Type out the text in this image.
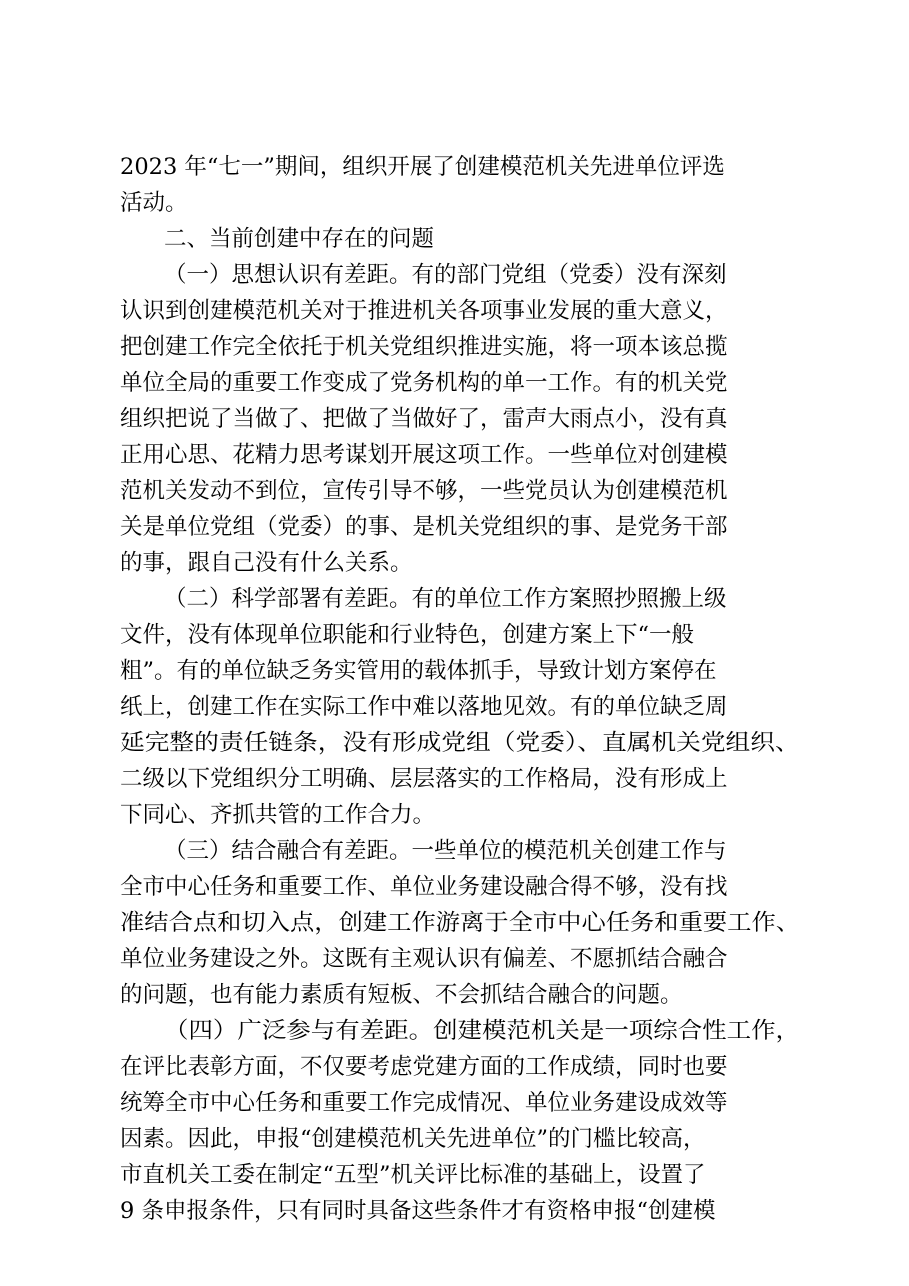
2023 年“七一”期间，组织开展了创建模范机关先进单位评选
活动。
二、当前创建中存在的问题
（一）思想认识有差距。有的部门党组（党委）没有深刻
认识到创建模范机关对于推进机关各项事业发展的重大意义，
把创建工作完全依托于机关党组织推进实施，将一项本该总揽
单位全局的重要工作变成了党务机构的单一工作。有的机关党
组织把说了当做了、把做了当做好了，雷声大雨点小，没有真
正用心思、花精力思考谋划开展这项工作。一些单位对创建模
范机关发动不到位，宣传引导不够，一些党员认为创建模范机
关是单位党组（党委）的事、是机关党组织的事、是党务干部
的事，跟自己没有什么关系。
（二）科学部署有差距。有的单位工作方案照抄照搬上级
文件，没有体现单位职能和行业特色，创建方案上下“一般
粗”。有的单位缺乏务实管用的载体抓手，导致计划方案停在
纸上，创建工作在实际工作中难以落地见效。有的单位缺乏周
延完整的责任链条，没有形成党组（党委）、直属机关党组织、
二级以下党组织分工明确、层层落实的工作格局，没有形成上
下同心、齐抓共管的工作合力。
（三）结合融合有差距。一些单位的模范机关创建工作与
全市中心任务和重要工作、单位业务建设融合得不够，没有找
准结合点和切入点，创建工作游离于全市中心任务和重要工作、
单位业务建设之外。这既有主观认识有偏差、不愿抓结合融合
的问题，也有能力素质有短板、不会抓结合融合的问题。
（四）广泛参与有差距。创建模范机关是一项综合性工作，
在评比表彰方面，不仅要考虑党建方面的工作成绩，同时也要
统筹全市中心任务和重要工作完成情况、单位业务建设成效等
因素。因此，申报“创建模范机关先进单位”的门槛比较高，
市直机关工委在制定“五型”机关评比标准的基础上，设置了
9 条申报条件，只有同时具备这些条件才有资格申报“创建模
